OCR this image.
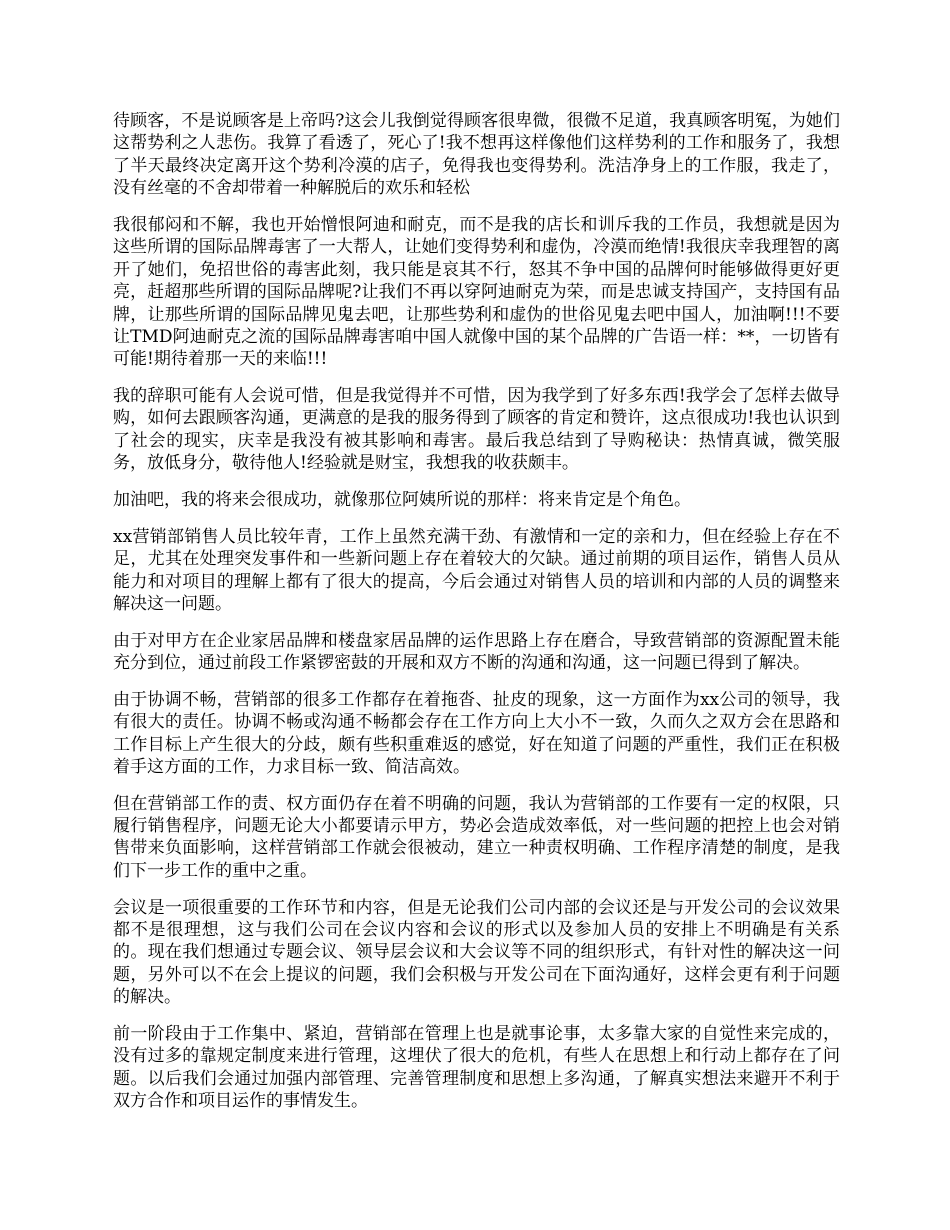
待顾客，不是说顾客是上帝吗?这会儿我倒觉得顾客很卑微，很微不足道，我真顾客明冤，为她们这帮势利之人悲伤。我算了看透了，死心了!我不想再这样像他们这样势利的工作和服务了，我想了半天最终决定离开这个势利冷漠的店子，免得我也变得势利。洗洁净身上的工作服，我走了，没有丝毫的不舍却带着一种解脱后的欢乐和轻松

我很郁闷和不解，我也开始憎恨阿迪和耐克，而不是我的店长和训斥我的工作员，我想就是因为这些所谓的国际品牌毒害了一大帮人，让她们变得势利和虚伪，冷漠而绝情!我很庆幸我理智的离开了她们，免招世俗的毒害此刻，我只能是哀其不行，怒其不争中国的品牌何时能够做得更好更亮，赶超那些所谓的国际品牌呢?让我们不再以穿阿迪耐克为荣，而是忠诚支持国产，支持国有品牌，让那些所谓的国际品牌见鬼去吧，让那些势利和虚伪的世俗见鬼去吧中国人，加油啊!!!不要让TMD阿迪耐克之流的国际品牌毒害咱中国人就像中国的某个品牌的广告语一样：**，一切皆有可能!期待着那一天的来临!!!

我的辞职可能有人会说可惜，但是我觉得并不可惜，因为我学到了好多东西!我学会了怎样去做导购，如何去跟顾客沟通，更满意的是我的服务得到了顾客的肯定和赞许，这点很成功!我也认识到了社会的现实，庆幸是我没有被其影响和毒害。最后我总结到了导购秘诀：热情真诚，微笑服务，放低身分，敬待他人!经验就是财宝，我想我的收获颇丰。

加油吧，我的将来会很成功，就像那位阿姨所说的那样：将来肯定是个角色。

xx营销部销售人员比较年青，工作上虽然充满干劲、有激情和一定的亲和力，但在经验上存在不足，尤其在处理突发事件和一些新问题上存在着较大的欠缺。通过前期的项目运作，销售人员从能力和对项目的理解上都有了很大的提高，今后会通过对销售人员的培训和内部的人员的调整来解决这一问题。

由于对甲方在企业家居品牌和楼盘家居品牌的运作思路上存在磨合，导致营销部的资源配置未能充分到位，通过前段工作紧锣密鼓的开展和双方不断的沟通和沟通，这一问题已得到了解决。

由于协调不畅，营销部的很多工作都存在着拖沓、扯皮的现象，这一方面作为xx公司的领导，我有很大的责任。协调不畅或沟通不畅都会存在工作方向上大小不一致，久而久之双方会在思路和工作目标上产生很大的分歧，颇有些积重难返的感觉，好在知道了问题的严重性，我们正在积极着手这方面的工作，力求目标一致、简洁高效。

但在营销部工作的责、权方面仍存在着不明确的问题，我认为营销部的工作要有一定的权限，只履行销售程序，问题无论大小都要请示甲方，势必会造成效率低，对一些问题的把控上也会对销售带来负面影响，这样营销部工作就会很被动，建立一种责权明确、工作程序清楚的制度，是我们下一步工作的重中之重。

会议是一项很重要的工作环节和内容，但是无论我们公司内部的会议还是与开发公司的会议效果都不是很理想，这与我们公司在会议内容和会议的形式以及参加人员的安排上不明确是有关系的。现在我们想通过专题会议、领导层会议和大会议等不同的组织形式，有针对性的解决这一问题，另外可以不在会上提议的问题，我们会积极与开发公司在下面沟通好，这样会更有利于问题的解决。

前一阶段由于工作集中、紧迫，营销部在管理上也是就事论事，太多靠大家的自觉性来完成的，没有过多的靠规定制度来进行管理，这埋伏了很大的危机，有些人在思想上和行动上都存在了问题。以后我们会通过加强内部管理、完善管理制度和思想上多沟通，了解真实想法来避开不利于双方合作和项目运作的事情发生。
